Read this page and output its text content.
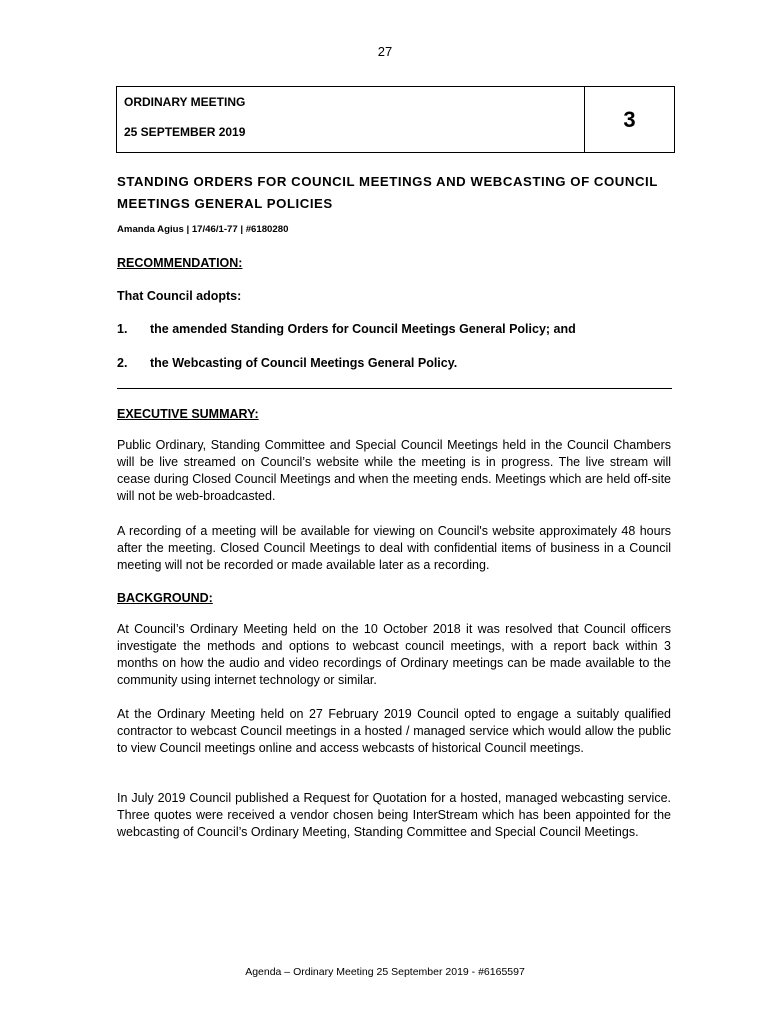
27
ORDINARY MEETING
25 SEPTEMBER 2019
3
STANDING ORDERS FOR COUNCIL MEETINGS AND WEBCASTING OF COUNCIL MEETINGS GENERAL POLICIES
Amanda Agius | 17/46/1-77 | #6180280
RECOMMENDATION:
That Council adopts:
1.	the amended Standing Orders for Council Meetings General Policy; and
2.	the Webcasting of Council Meetings General Policy.
EXECUTIVE SUMMARY:
Public Ordinary, Standing Committee and Special Council Meetings held in the Council Chambers will be live streamed on Council’s website while the meeting is in progress. The live stream will cease during Closed Council Meetings and when the meeting ends. Meetings which are held off-site will not be web-broadcasted.
A recording of a meeting will be available for viewing on Council's website approximately 48 hours after the meeting. Closed Council Meetings to deal with confidential items of business in a Council meeting will not be recorded or made available later as a recording.
BACKGROUND:
At Council’s Ordinary Meeting held on the 10 October 2018 it was resolved that Council officers investigate the methods and options to webcast council meetings, with a report back within 3 months on how the audio and video recordings of Ordinary meetings can be made available to the community using internet technology or similar.
At the Ordinary Meeting held on 27 February 2019 Council opted to engage a suitably qualified contractor to webcast Council meetings in a hosted / managed service which would allow the public to view Council meetings online and access webcasts of historical Council meetings.
In July 2019 Council published a Request for Quotation for a hosted, managed webcasting service. Three quotes were received a vendor chosen being InterStream which has been appointed for the webcasting of Council’s Ordinary Meeting, Standing Committee and Special Council Meetings.
Agenda – Ordinary Meeting 25 September 2019 - #6165597
